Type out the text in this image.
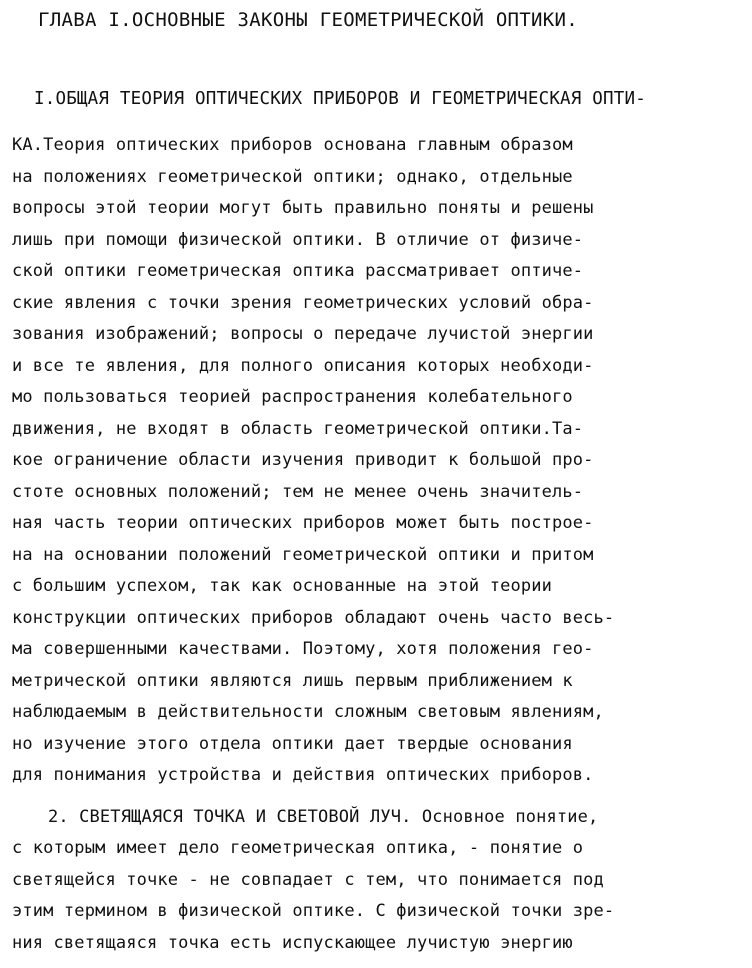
ГЛАВА I.ОСНОВНЫЕ ЗАКОНЫ ГЕОМЕТРИЧЕСКОЙ ОПТИКИ.
I.ОБЩАЯ ТЕОРИЯ ОПТИЧЕСКИХ ПРИБОРОВ И ГЕОМЕТРИЧЕСКАЯ ОПТИ-
КА.Теория оптических приборов основана главным образом
на положениях геометрической оптики; однако, отдельные
вопросы этой теории могут быть правильно поняты и решены
лишь при помощи физической оптики. В отличие от физиче-
ской оптики геометрическая оптика рассматривает оптиче-
ские явления с точки зрения геометрических условий обра-
зования изображений; вопросы о передаче лучистой энергии
и все те явления, для полного описания которых необходи-
мо пользоваться теорией распространения колебательного
движения, не входят в область геометрической оптики.Та-
кое ограничение области изучения приводит к большой про-
стоте основных положений; тем не менее очень значитель-
ная часть теории оптических приборов может быть построе-
на на основании положений геометрической оптики и притом
с большим успехом, так как основанные на этой теории
конструкции оптических приборов обладают очень часто весь-
ма совершенными качествами. Поэтому, хотя положения гео-
метрической оптики являются лишь первым приближением к
наблюдаемым в действительности сложным световым явлениям,
но изучение этого отдела оптики дает твердые основания
для понимания устройства и действия оптических приборов.
2. СВЕТЯЩАЯСЯ ТОЧКА И СВЕТОВОЙ ЛУЧ. Основное понятие,
с которым имеет дело геометрическая оптика, - понятие о
светящейся точке - не совпадает с тем, что понимается под
этим термином в физической оптике. С физической точки зре-
ния светящаяся точка есть испускающее лучистую энергию
